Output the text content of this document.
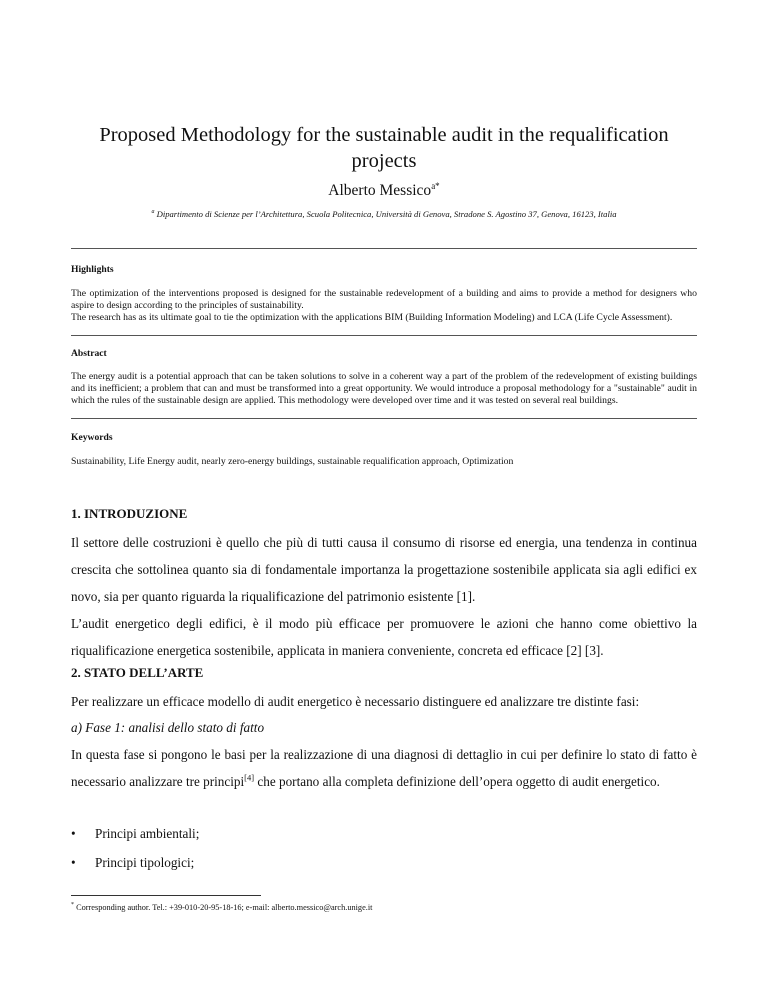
Proposed Methodology for the sustainable audit in the requalification projects
Alberto Messico$^{a*}$
$^a$ Dipartimento di Scienze per l’Architettura, Scuola Politecnica, Università di Genova, Stradone S. Agostino 37, Genova, 16123, Italia
Highlights

The optimization of the interventions proposed is designed for the sustainable redevelopment of a building and aims to provide a method for designers who aspire to design according to the principles of sustainability.

The research has as its ultimate goal to tie the optimization with the applications BIM (Building Information Modeling) and LCA (Life Cycle Assessment).

Abstract

The energy audit is a potential approach that can be taken solutions to solve in a coherent way a part of the problem of the redevelopment of existing buildings and its inefficient; a problem that can and must be transformed into a great opportunity. We would introduce a proposal methodology for a "sustainable" audit in which the rules of the sustainable design are applied. This methodology were developed over time and it was tested on several real buildings.

Keywords

Sustainability, Life Energy audit, nearly zero-energy buildings, sustainable requalification approach, Optimization

1. INTRODUZIONE

Il settore delle costruzioni è quello che più di tutti causa il consumo di risorse ed energia, una tendenza in continua crescita che sottolinea quanto sia di fondamentale importanza la progettazione sostenibile applicata sia agli edifici ex novo, sia per quanto riguarda la riqualificazione del patrimonio esistente [1].

L’audit energetico degli edifici, è il modo più efficace per promuovere le azioni che hanno come obiettivo la riqualificazione energetica sostenibile, applicata in maniera conveniente, concreta ed efficace [2] [3].

2. STATO DELL’ARTE

Per realizzare un efficace modello di audit energetico è necessario distinguere ed analizzare tre distinte fasi:

a) Fase 1: analisi dello stato di fatto

In questa fase si pongono le basi per la realizzazione di una diagnosi di dettaglio in cui per definire lo stato di fatto è necessario analizzare tre principi[4] che portano alla completa definizione dell’opera oggetto di audit energetico.

• Principi ambientali;
• Principi tipologici;
* Corresponding author. Tel.: +39-010-20-95-18-16; e-mail: alberto.messico@arch.unige.it
